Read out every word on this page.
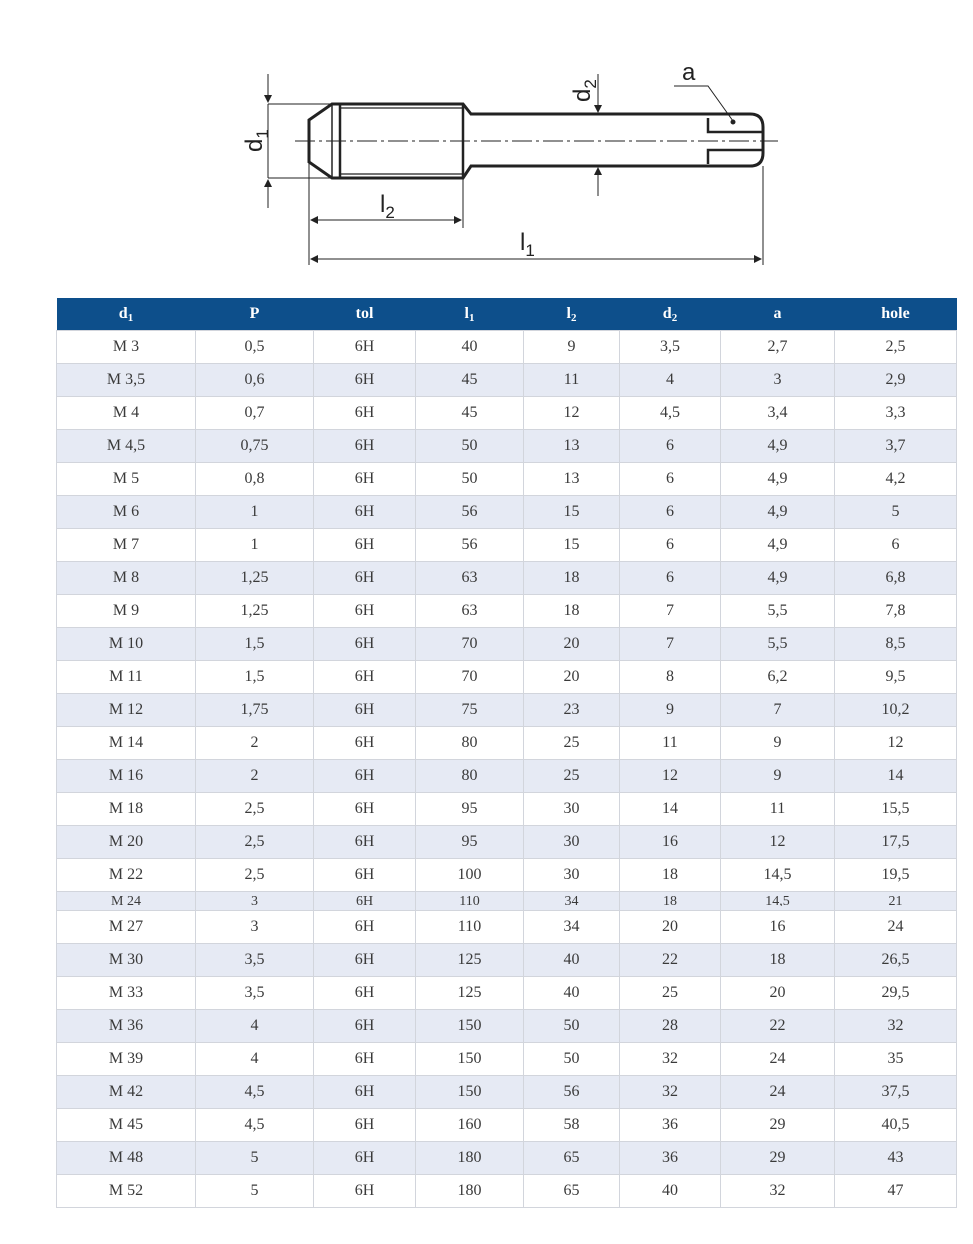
$d_1$
$d_2$
$l_2$
$l_1$
a
$d_1$	P	tol	$l_1$	$l_2$	$d_2$	a	hole
M 3	0,5	6H	40	9	3,5	2,7	2,5
M 3,5	0,6	6H	45	11	4	3	2,9
M 4	0,7	6H	45	12	4,5	3,4	3,3
M 4,5	0,75	6H	50	13	6	4,9	3,7
M 5	0,8	6H	50	13	6	4,9	4,2
M 6	1	6H	56	15	6	4,9	5
M 7	1	6H	56	15	6	4,9	6
M 8	1,25	6H	63	18	6	4,9	6,8
M 9	1,25	6H	63	18	7	5,5	7,8
M 10	1,5	6H	70	20	7	5,5	8,5
M 11	1,5	6H	70	20	8	6,2	9,5
M 12	1,75	6H	75	23	9	7	10,2
M 14	2	6H	80	25	11	9	12
M 16	2	6H	80	25	12	9	14
M 18	2,5	6H	95	30	14	11	15,5
M 20	2,5	6H	95	30	16	12	17,5
M 22	2,5	6H	100	30	18	14,5	19,5

M 24	3	6H	110	34	18	14,5	21

M 27	3	6H	110	34	20	16	24
M 30	3,5	6H	125	40	22	18	26,5
M 33	3,5	6H	125	40	25	20	29,5
M 36	4	6H	150	50	28	22	32
M 39	4	6H	150	50	32	24	35
M 42	4,5	6H	150	56	32	24	37,5
M 45	4,5	6H	160	58	36	29	40,5
M 48	5	6H	180	65	36	29	43
M 52	5	6H	180	65	40	32	47
